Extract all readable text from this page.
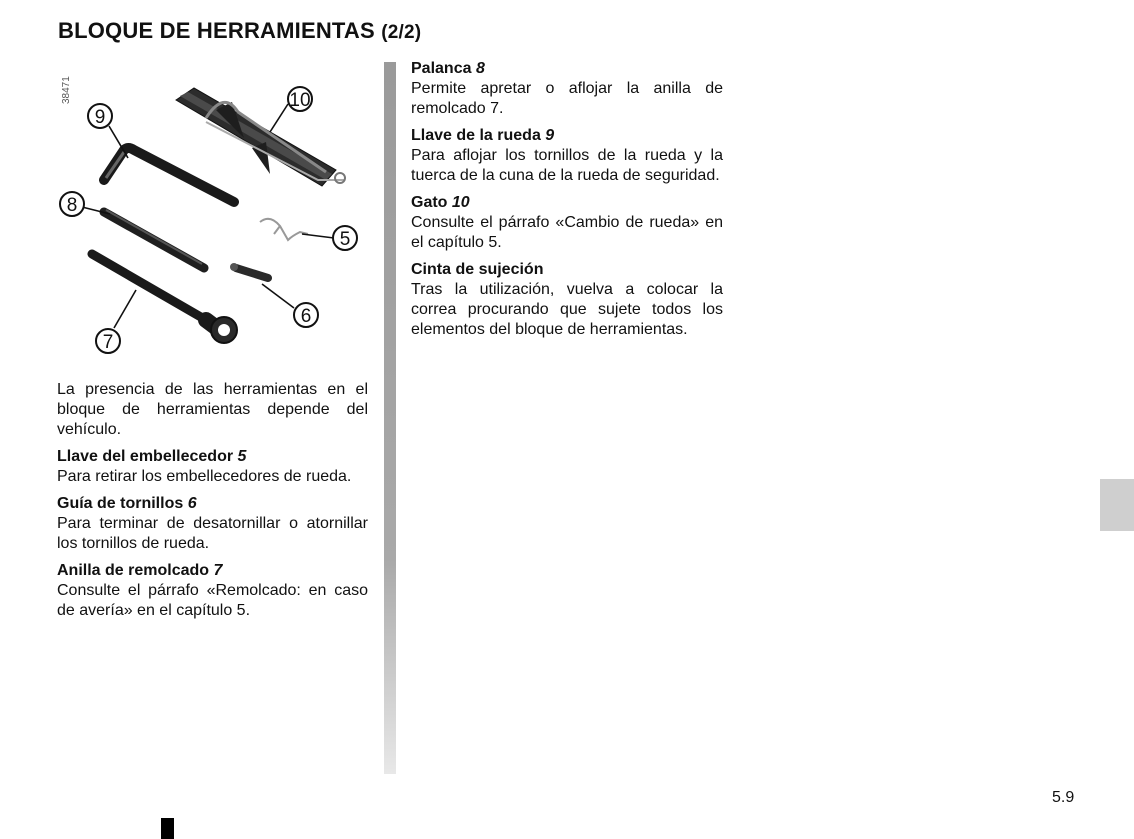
BLOQUE DE HERRAMIENTAS (2/2)
38471
9
10
8
5
6
7

La presencia de las herramientas en el bloque de herramientas depende del vehículo.

Llave del embellecedor 5
Para retirar los embellecedores de rueda.
Guía de tornillos 6
Para terminar de desatornillar o atornillar los tornillos de rueda.
Anilla de remolcado 7
Consulte el párrafo «Remolcado: en caso de avería» en el capítulo 5.
Palanca 8
Permite apretar o aflojar la anilla de remolcado 7.
Llave de la rueda 9
Para aflojar los tornillos de la rueda y la tuerca de la cuna de la rueda de seguridad.
Gato 10
Consulte el párrafo «Cambio de rueda» en el capítulo 5.
Cinta de sujeción
Tras la utilización, vuelva a colocar la correa procurando que sujete todos los elementos del bloque de herramientas.
5.9
